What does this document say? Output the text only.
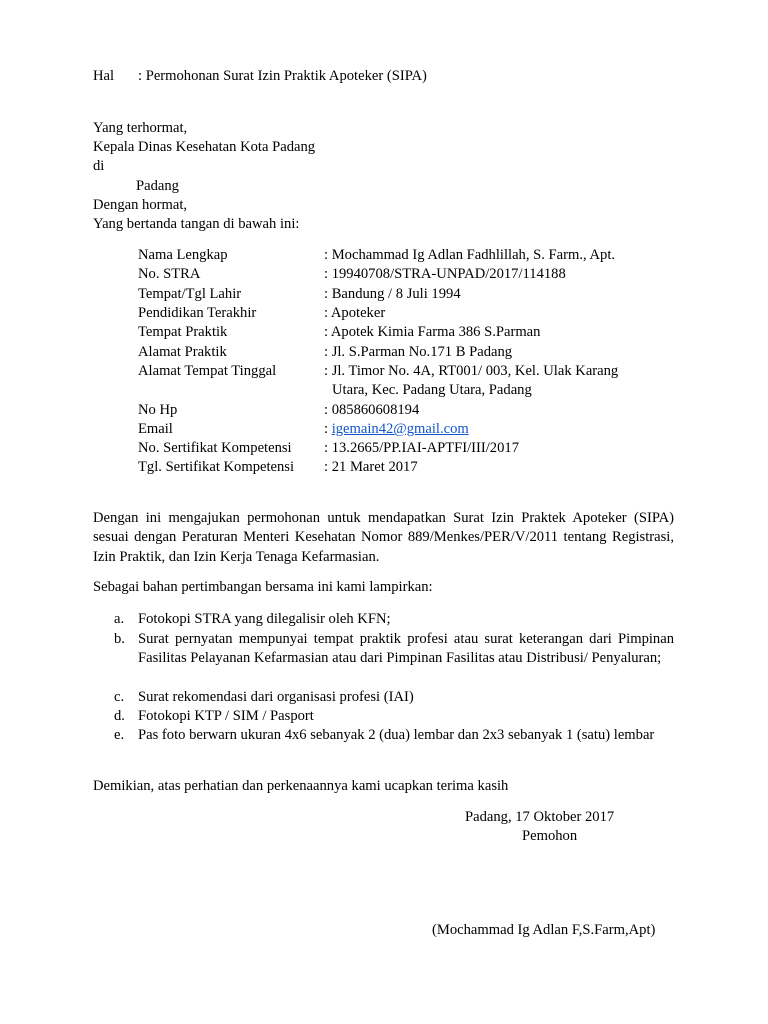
Hal : Permohonan Surat Izin Praktik Apoteker (SIPA)
Yang terhormat,
Kepala Dinas Kesehatan Kota Padang
di
Padang
Dengan hormat,
Yang bertanda tangan di bawah ini:
Nama Lengkap	: Mochammad Ig Adlan Fadhlillah, S. Farm., Apt.
No. STRA	: 19940708/STRA-UNPAD/2017/114188
Tempat/Tgl Lahir	: Bandung / 8 Juli 1994
Pendidikan Terakhir	: Apoteker
Tempat Praktik	: Apotek Kimia Farma 386 S.Parman
Alamat Praktik	: Jl. S.Parman No.171 B Padang
Alamat Tempat Tinggal	: Jl. Timor No. 4A, RT001/ 003, Kel. Ulak Karang
Utara, Kec. Padang Utara, Padang
No Hp	: 085860608194
Email	: igemain42@gmail.com
No. Sertifikat Kompetensi : 13.2665/PP.IAI-APTFI/III/2017
Tgl. Sertifikat Kompetensi : 21 Maret 2017
Dengan ini mengajukan permohonan untuk mendapatkan Surat Izin Praktek Apoteker (SIPA) sesuai dengan Peraturan Menteri Kesehatan Nomor 889/Menkes/PER/V/2011 tentang Registrasi, Izin Praktik, dan Izin Kerja Tenaga Kefarmasian.
Sebagai bahan pertimbangan bersama ini kami lampirkan:
a. Fotokopi STRA yang dilegalisir oleh KFN;
b. Surat pernyatan mempunyai tempat praktik profesi atau surat keterangan dari Pimpinan Fasilitas Pelayanan Kefarmasian atau dari Pimpinan Fasilitas atau Distribusi/ Penyaluran;
c. Surat rekomendasi dari organisasi profesi (IAI)
d. Fotokopi KTP / SIM / Pasport
e. Pas foto berwarn ukuran 4x6 sebanyak 2 (dua) lembar dan 2x3 sebanyak 1 (satu) lembar
Demikian, atas perhatian dan perkenaannya kami ucapkan terima kasih
Padang, 17 Oktober 2017
Pemohon
(Mochammad Ig Adlan F,S.Farm,Apt)
